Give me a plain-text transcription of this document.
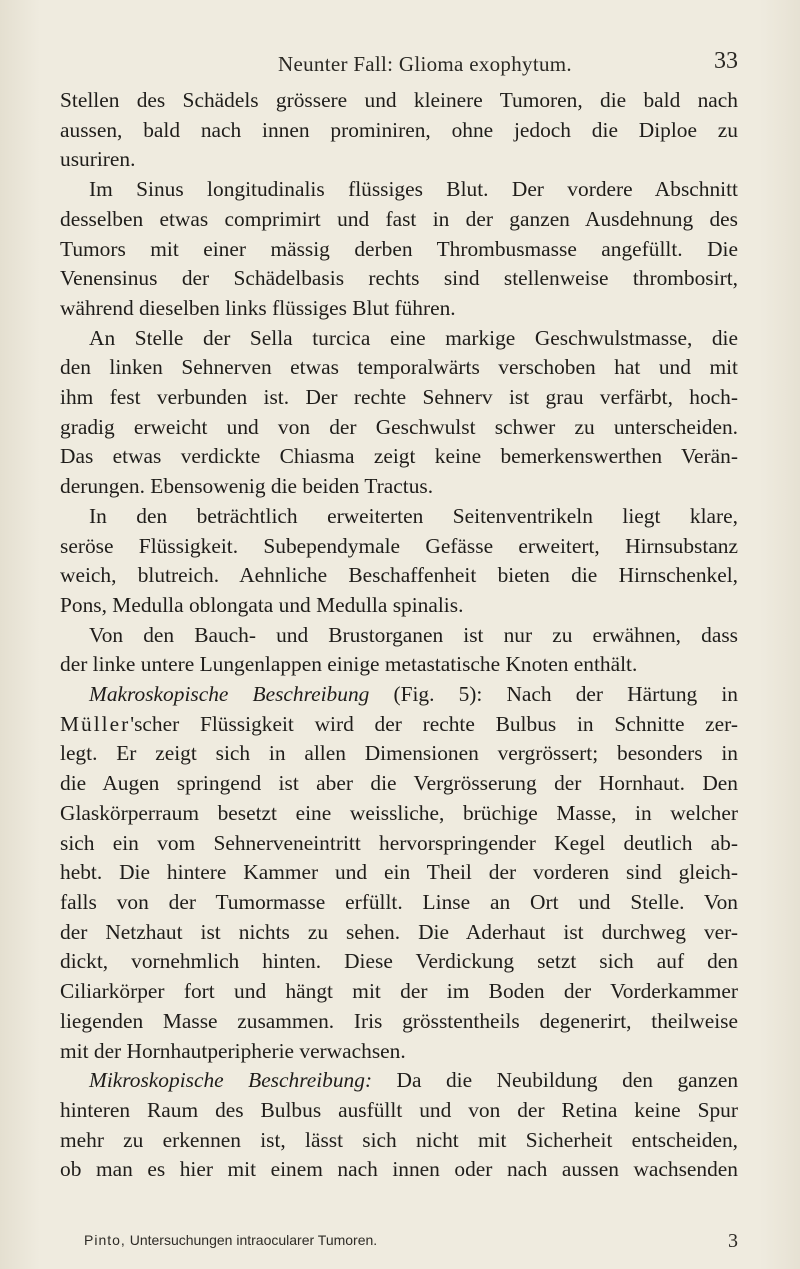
Neunter Fall: Glioma exophytum.	33
Stellen des Schädels grössere und kleinere Tumoren, die bald nach
aussen, bald nach innen prominiren, ohne jedoch die Diploe zu
usuriren.
Im Sinus longitudinalis flüssiges Blut. Der vordere Abschnitt
desselben etwas comprimirt und fast in der ganzen Ausdehnung des
Tumors mit einer mässig derben Thrombusmasse angefüllt. Die
Venensinus der Schädelbasis rechts sind stellenweise thrombosirt,
während dieselben links flüssiges Blut führen.
An Stelle der Sella turcica eine markige Geschwulstmasse, die
den linken Sehnerven etwas temporalwärts verschoben hat und mit
ihm fest verbunden ist. Der rechte Sehnerv ist grau verfärbt, hoch-
gradig erweicht und von der Geschwulst schwer zu unterscheiden.
Das etwas verdickte Chiasma zeigt keine bemerkenswerthen Verän-
derungen. Ebensowenig die beiden Tractus.
In den beträchtlich erweiterten Seitenventrikeln liegt klare,
seröse Flüssigkeit. Subependymale Gefässe erweitert, Hirnsubstanz
weich, blutreich. Aehnliche Beschaffenheit bieten die Hirnschenkel,
Pons, Medulla oblongata und Medulla spinalis.
Von den Bauch- und Brustorganen ist nur zu erwähnen, dass
der linke untere Lungenlappen einige metastatische Knoten enthält.
Makroskopische Beschreibung (Fig. 5): Nach der Härtung in
Müller'scher Flüssigkeit wird der rechte Bulbus in Schnitte zer-
legt. Er zeigt sich in allen Dimensionen vergrössert; besonders in
die Augen springend ist aber die Vergrösserung der Hornhaut. Den
Glaskörperraum besetzt eine weissliche, brüchige Masse, in welcher
sich ein vom Sehnerveneintritt hervorspringender Kegel deutlich ab-
hebt. Die hintere Kammer und ein Theil der vorderen sind gleich-
falls von der Tumormasse erfüllt. Linse an Ort und Stelle. Von
der Netzhaut ist nichts zu sehen. Die Aderhaut ist durchweg ver-
dickt, vornehmlich hinten. Diese Verdickung setzt sich auf den
Ciliarkörper fort und hängt mit der im Boden der Vorderkammer
liegenden Masse zusammen. Iris grösstentheils degenerirt, theilweise
mit der Hornhautperipherie verwachsen.
Mikroskopische Beschreibung: Da die Neubildung den ganzen
hinteren Raum des Bulbus ausfüllt und von der Retina keine Spur
mehr zu erkennen ist, lässt sich nicht mit Sicherheit entscheiden,
ob man es hier mit einem nach innen oder nach aussen wachsenden
Pinto, Untersuchungen intraocularer Tumoren.	3
